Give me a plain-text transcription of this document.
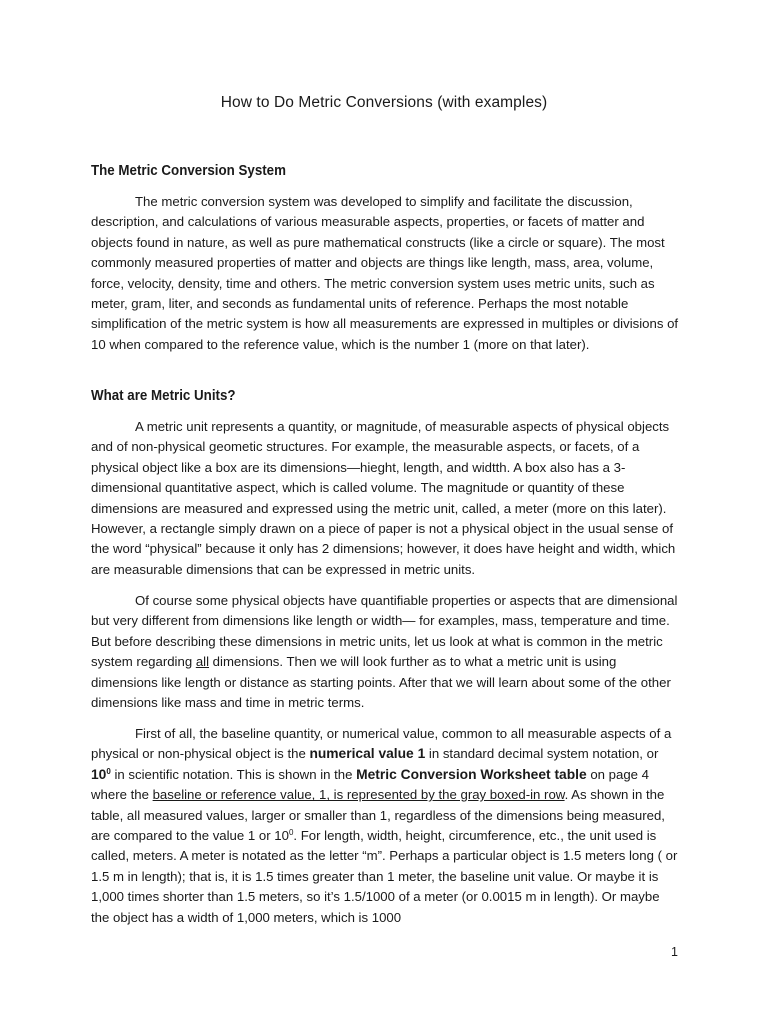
How to Do Metric Conversions (with examples)
The Metric Conversion System

The metric conversion system was developed to simplify and facilitate the discussion, description, and calculations of various measurable aspects, properties, or facets of matter and objects found in nature, as well as pure mathematical constructs (like a circle or square). The most commonly measured properties of matter and objects are things like length, mass, area, volume, force, velocity, density, time and others. The metric conversion system uses metric units, such as meter, gram, liter, and seconds as fundamental units of reference. Perhaps the most notable simplification of the metric system is how all measurements are expressed in multiples or divisions of 10 when compared to the reference value, which is the number 1 (more on that later).

What are Metric Units?

A metric unit represents a quantity, or magnitude, of measurable aspects of physical objects and of non-physical geometic structures. For example, the measurable aspects, or facets, of a physical object like a box are its dimensions—hieght, length, and widtth. A box also has a 3-dimensional quantitative aspect, which is called volume. The magnitude or quantity of these dimensions are measured and expressed using the metric unit, called, a meter (more on this later). However, a rectangle simply drawn on a piece of paper is not a physical object in the usual sense of the word “physical” because it only has 2 dimensions; however, it does have height and width, which are measurable dimensions that can be expressed in metric units.

Of course some physical objects have quantifiable properties or aspects that are dimensional but very different from dimensions like length or width— for examples, mass, temperature and time. But before describing these dimensions in metric units, let us look at what is common in the metric system regarding all dimensions. Then we will look further as to what a metric unit is using dimensions like length or distance as starting points. After that we will learn about some of the other dimensions like mass and time in metric terms.

First of all, the baseline quantity, or numerical value, common to all measurable aspects of a physical or non-physical object is the numerical value 1 in standard decimal system notation, or $10^0$ in scientific notation. This is shown in the Metric Conversion Worksheet table on page 4 where the baseline or reference value, 1, is represented by the gray boxed-in row. As shown in the table, all measured values, larger or smaller than 1, regardless of the dimensions being measured, are compared to the value 1 or $10^0$. For length, width, height, circumference, etc., the unit used is called, meters. A meter is notated as the letter “m”. Perhaps a particular object is 1.5 meters long ( or 1.5 m in length); that is, it is 1.5 times greater than 1 meter, the baseline unit value. Or maybe it is 1,000 times shorter than 1.5 meters, so it’s 1.5/1000 of a meter (or 0.0015 m in length). Or maybe the object has a width of 1,000 meters, which is 1000

1
